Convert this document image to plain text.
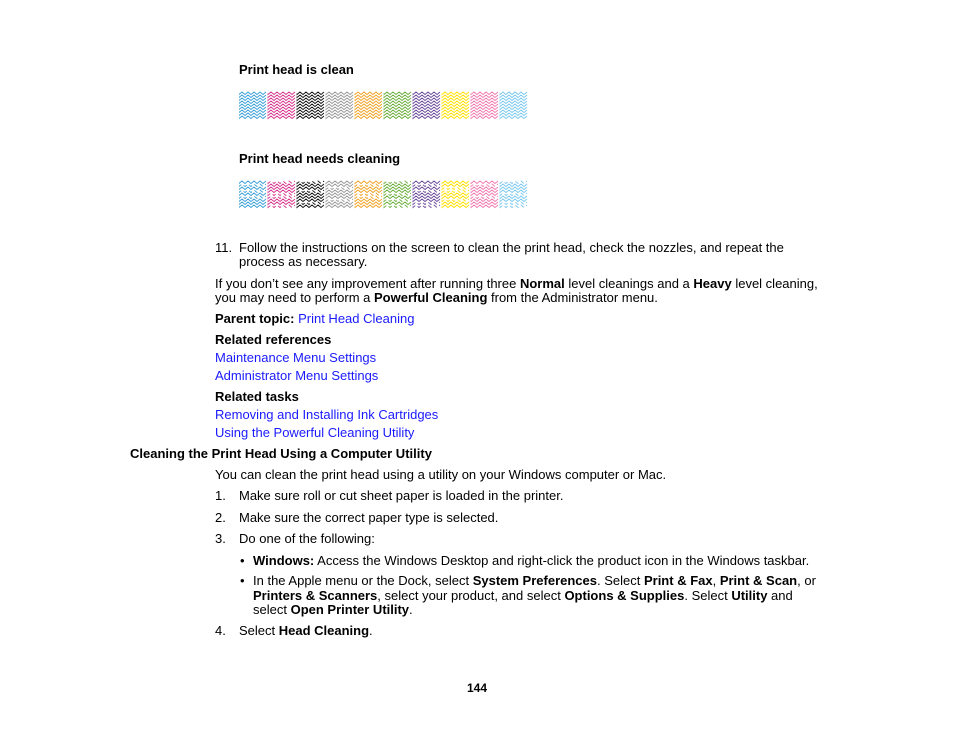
Print head is clean
Print head needs cleaning
11. Follow the instructions on the screen to clean the print head, check the nozzles, and repeat the
process as necessary.
If you don’t see any improvement after running three Normal level cleanings and a Heavy level cleaning,
you may need to perform a Powerful Cleaning from the Administrator menu.
Parent topic: Print Head Cleaning
Related references
Maintenance Menu Settings
Administrator Menu Settings
Related tasks
Removing and Installing Ink Cartridges
Using the Powerful Cleaning Utility
Cleaning the Print Head Using a Computer Utility
You can clean the print head using a utility on your Windows computer or Mac.
1. Make sure roll or cut sheet paper is loaded in the printer.
2. Make sure the correct paper type is selected.
3. Do one of the following:
• Windows: Access the Windows Desktop and right-click the product icon in the Windows taskbar.
• In the Apple menu or the Dock, select System Preferences. Select Print & Fax, Print & Scan, or
Printers & Scanners, select your product, and select Options & Supplies. Select Utility and
select Open Printer Utility.
4. Select Head Cleaning.
144
